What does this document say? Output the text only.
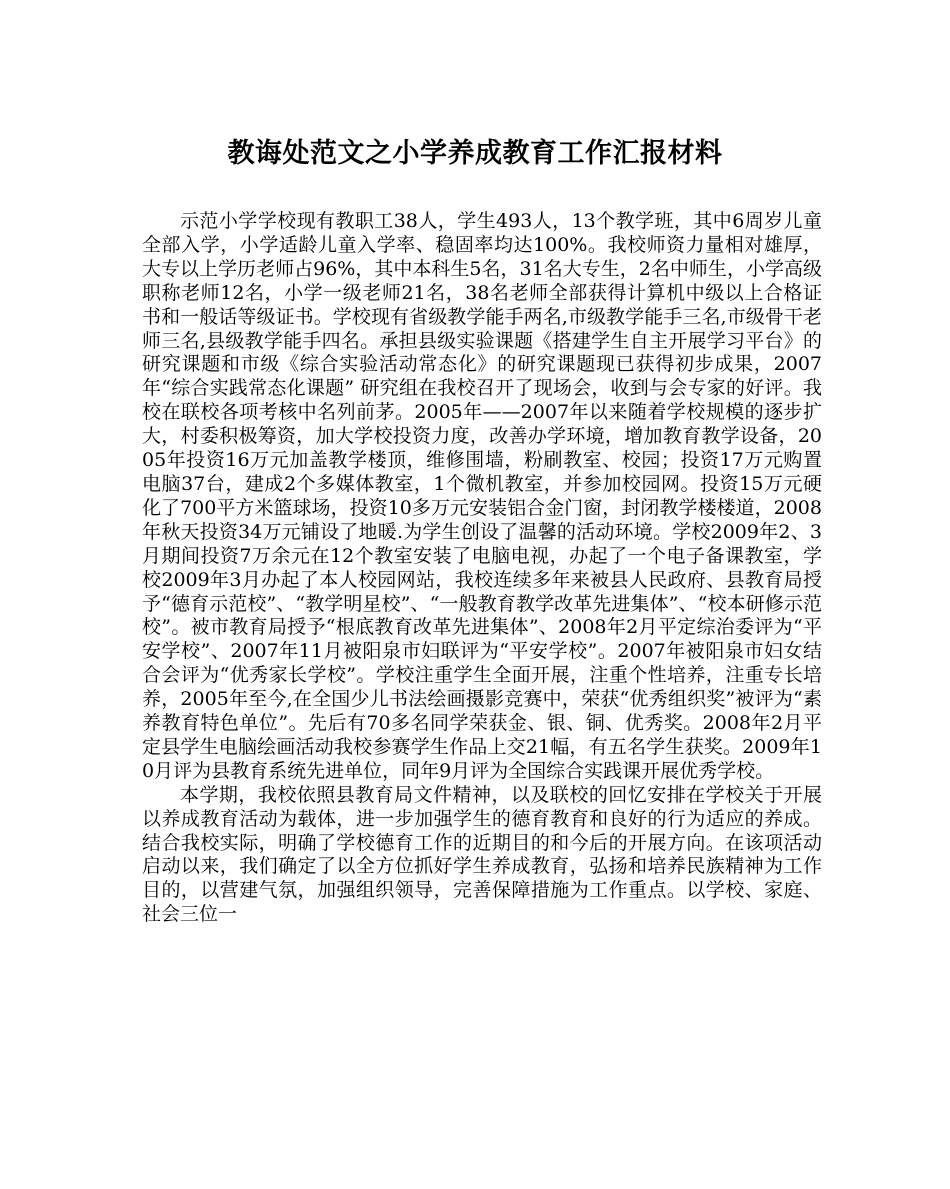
教诲处范文之小学养成教育工作汇报材料

示范小学学校现有教职工38人，学生493人，13个教学班，其中6周岁儿童全部入学，小学适龄儿童入学率、稳固率均达100%。我校师资力量相对雄厚，大专以上学历老师占96%，其中本科生5名，31名大专生，2名中师生，小学高级职称老师12名，小学一级老师21名，38名老师全部获得计算机中级以上合格证书和一般话等级证书。学校现有省级教学能手两名,市级教学能手三名,市级骨干老师三名,县级教学能手四名。承担县级实验课题《搭建学生自主开展学习平台》的研究课题和市级《综合实验活动常态化》的研究课题现已获得初步成果，2007年“综合实践常态化课题” 研究组在我校召开了现场会，收到与会专家的好评。我校在联校各项考核中名列前茅。2005年——2007年以来随着学校规模的逐步扩大，村委积极筹资，加大学校投资力度，改善办学环境，增加教育教学设备，2005年投资16万元加盖教学楼顶，维修围墙，粉刷教室、校园；投资17万元购置电脑37台，建成2个多媒体教室，1个微机教室，并参加校园网。投资15万元硬化了700平方米篮球场，投资10多万元安装铝合金门窗，封闭教学楼楼道，2008年秋天投资34万元铺设了地暖.为学生创设了温馨的活动环境。学校2009年2、3月期间投资7万余元在12个教室安装了电脑电视，办起了一个电子备课教室，学校2009年3月办起了本人校园网站，我校连续多年来被县人民政府、县教育局授予“德育示范校”、“教学明星校”、“一般教育教学改革先进集体”、“校本研修示范校”。被市教育局授予“根底教育改革先进集体”、2008年2月平定综治委评为“平安学校”、2007年11月被阳泉市妇联评为“平安学校”。2007年被阳泉市妇女结合会评为“优秀家长学校”。学校注重学生全面开展，注重个性培养，注重专长培养，2005年至今,在全国少儿书法绘画摄影竞赛中，荣获“优秀组织奖”被评为“素养教育特色单位”。先后有70多名同学荣获金、银、铜、优秀奖。2008年2月平定县学生电脑绘画活动我校参赛学生作品上交21幅，有五名学生获奖。2009年10月评为县教育系统先进单位，同年9月评为全国综合实践课开展优秀学校。

本学期，我校依照县教育局文件精神，以及联校的回忆安排在学校关于开展以养成教育活动为载体，进一步加强学生的德育教育和良好的行为适应的养成。结合我校实际，明确了学校德育工作的近期目的和今后的开展方向。在该项活动启动以来，我们确定了以全方位抓好学生养成教育，弘扬和培养民族精神为工作目的，以营建气氛，加强组织领导，完善保障措施为工作重点。以学校、家庭、社会三位一
